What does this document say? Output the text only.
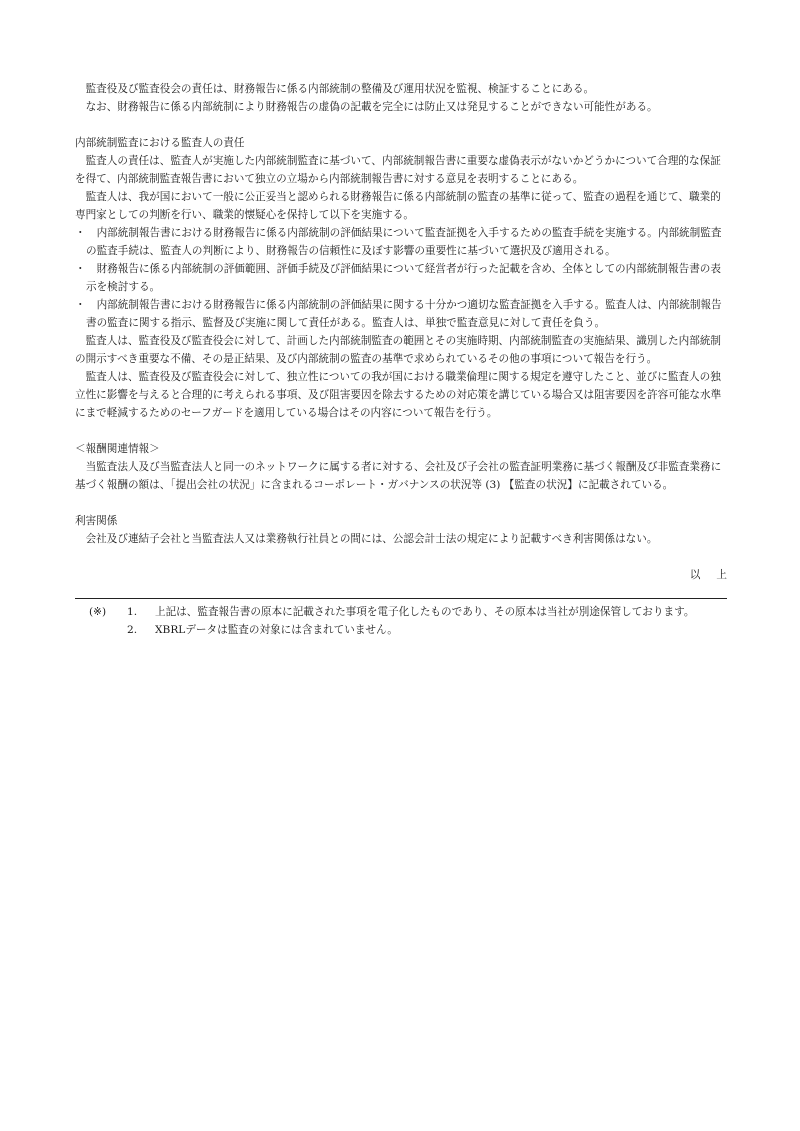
監査役及び監査役会の責任は、財務報告に係る内部統制の整備及び運用状況を監視、検証することにある。

なお、財務報告に係る内部統制により財務報告の虚偽の記載を完全には防止又は発見することができない可能性がある。

内部統制監査における監査人の責任

監査人の責任は、監査人が実施した内部統制監査に基づいて、内部統制報告書に重要な虚偽表示がないかどうかについて合理的な保証を得て、内部統制監査報告書において独立の立場から内部統制報告書に対する意見を表明することにある。

監査人は、我が国において一般に公正妥当と認められる財務報告に係る内部統制の監査の基準に従って、監査の過程を通じて、職業的専門家としての判断を行い、職業的懐疑心を保持して以下を実施する。

・	内部統制報告書における財務報告に係る内部統制の評価結果について監査証拠を入手するための監査手続を実施する。内部統制監査の監査手続は、監査人の判断により、財務報告の信頼性に及ぼす影響の重要性に基づいて選択及び適用される。
・	財務報告に係る内部統制の評価範囲、評価手続及び評価結果について経営者が行った記載を含め、全体としての内部統制報告書の表示を検討する。
・	内部統制報告書における財務報告に係る内部統制の評価結果に関する十分かつ適切な監査証拠を入手する。監査人は、内部統制報告書の監査に関する指示、監督及び実施に関して責任がある。監査人は、単独で監査意見に対して責任を負う。

監査人は、監査役及び監査役会に対して、計画した内部統制監査の範囲とその実施時期、内部統制監査の実施結果、識別した内部統制の開示すべき重要な不備、その是正結果、及び内部統制の監査の基準で求められているその他の事項について報告を行う。

監査人は、監査役及び監査役会に対して、独立性についての我が国における職業倫理に関する規定を遵守したこと、並びに監査人の独立性に影響を与えると合理的に考えられる事項、及び阻害要因を除去するための対応策を講じている場合又は阻害要因を許容可能な水準にまで軽減するためのセーフガードを適用している場合はその内容について報告を行う。

＜報酬関連情報＞

当監査法人及び当監査法人と同一のネットワークに属する者に対する、会社及び子会社の監査証明業務に基づく報酬及び非監査業務に基づく報酬の額は、「提出会社の状況」に含まれるコーポレート・ガバナンスの状況等 (3) 【監査の状況】に記載されている。

利害関係

会社及び連結子会社と当監査法人又は業務執行社員との間には、公認会計士法の規定により記載すべき利害関係はない。

以 上

(※)	1.	上記は、監査報告書の原本に記載された事項を電子化したものであり、その原本は当社が別途保管しております。
2.	XBRLデータは監査の対象には含まれていません。
